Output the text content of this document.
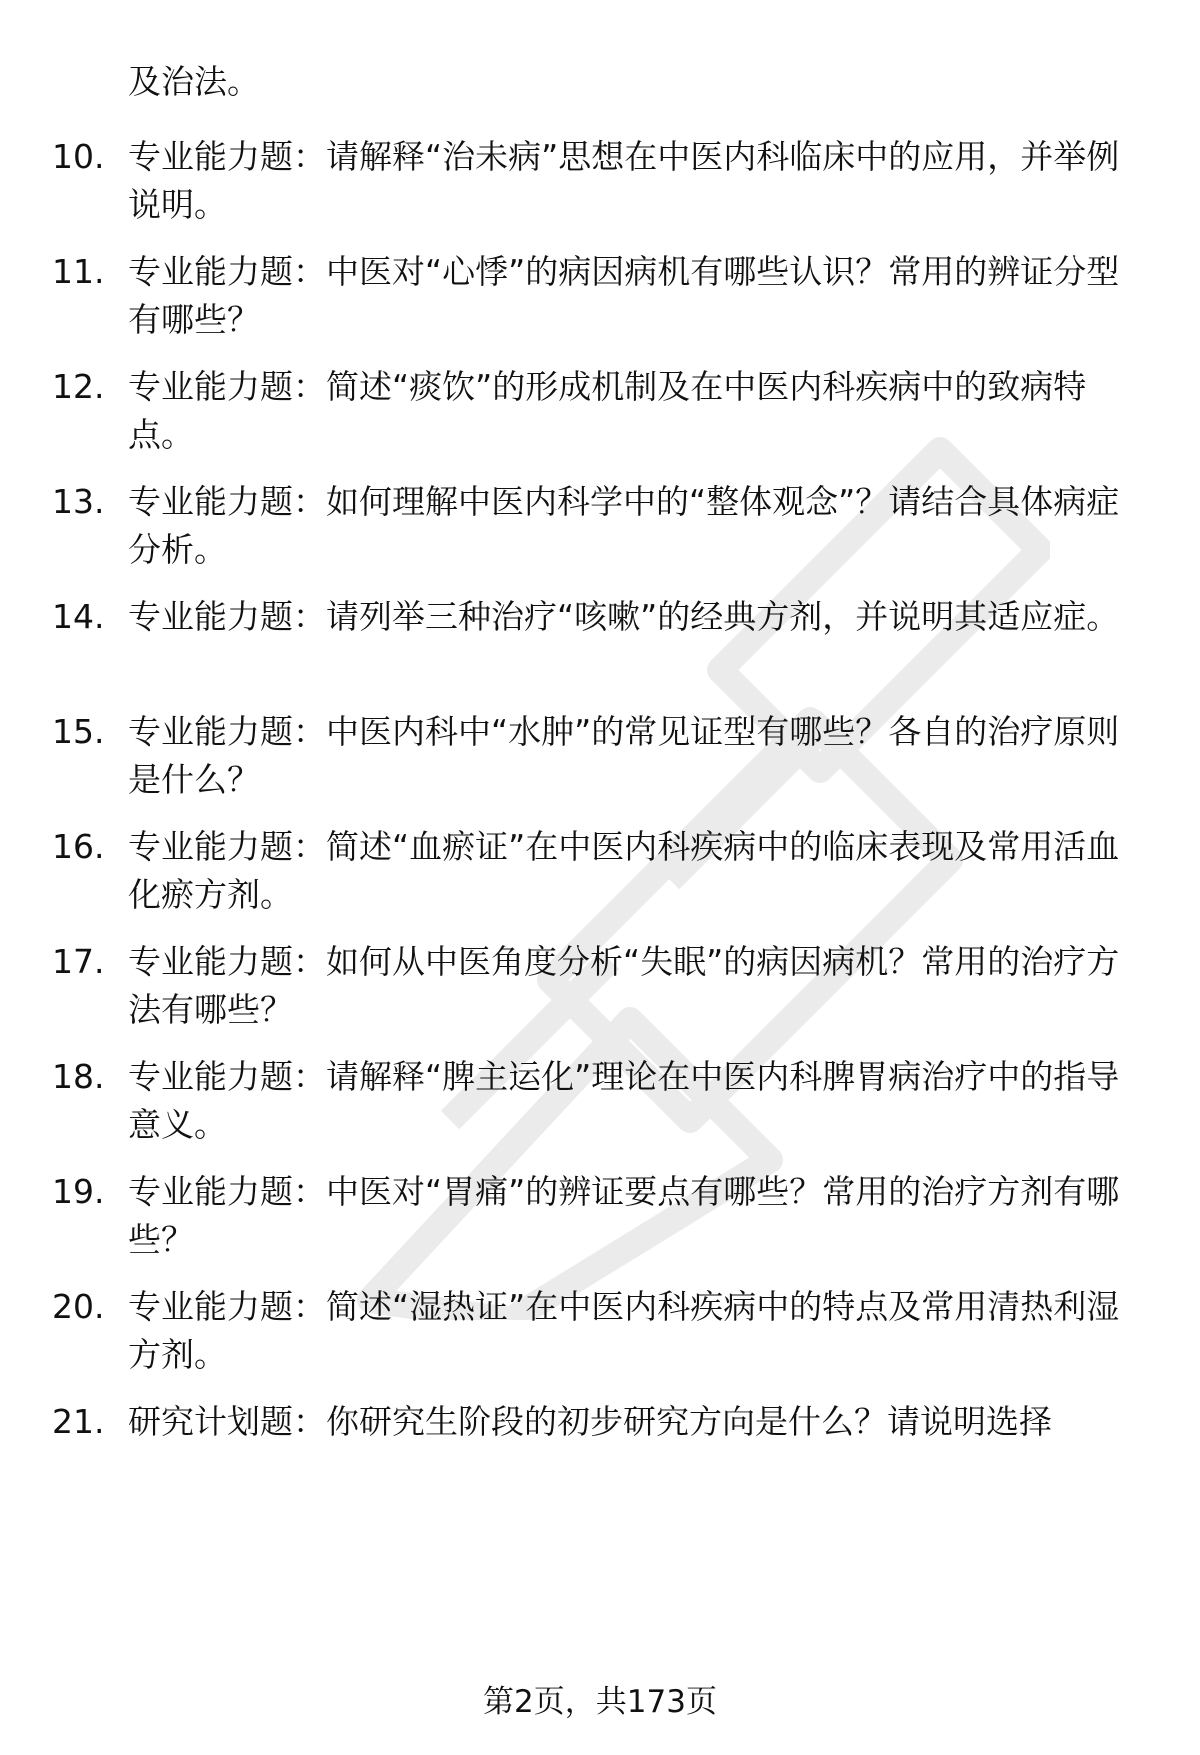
及治法。
10. 专业能力题：请解释“治未病”思想在中医内科临床中的应用，并举例说明。
11. 专业能力题：中医对“心悸”的病因病机有哪些认识？常用的辨证分型有哪些？
12. 专业能力题：简述“痰饮”的形成机制及在中医内科疾病中的致病特点。
13. 专业能力题：如何理解中医内科学中的“整体观念”？请结合具体病症分析。
14. 专业能力题：请列举三种治疗“咳嗽”的经典方剂，并说明其适应症。
15. 专业能力题：中医内科中“水肿”的常见证型有哪些？各自的治疗原则是什么？
16. 专业能力题：简述“血瘀证”在中医内科疾病中的临床表现及常用活血化瘀方剂。
17. 专业能力题：如何从中医角度分析“失眠”的病因病机？常用的治疗方法有哪些？
18. 专业能力题：请解释“脾主运化”理论在中医内科脾胃病治疗中的指导意义。
19. 专业能力题：中医对“胃痛”的辨证要点有哪些？常用的治疗方剂有哪些？
20. 专业能力题：简述“湿热证”在中医内科疾病中的特点及常用清热利湿方剂。
21. 研究计划题：你研究生阶段的初步研究方向是什么？请说明选择
第2页，共173页
